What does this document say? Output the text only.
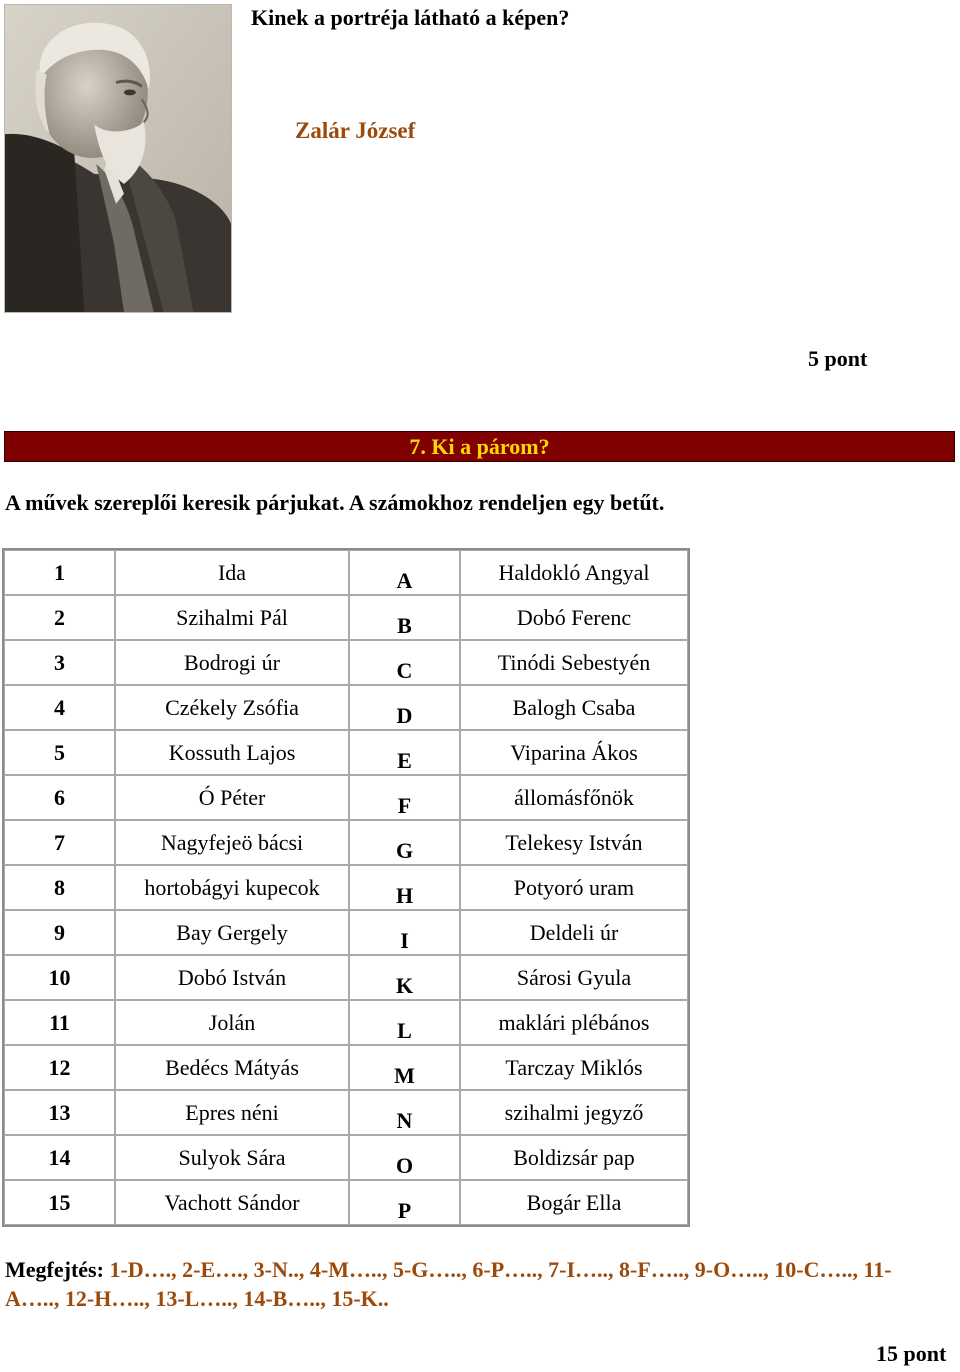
Kinek a portréja látható a képen?
Zalár József
5 pont
7. Ki a párom?
A művek szereplői keresik párjukat. A számokhoz rendeljen egy betűt.
1	Ida	A	Haldokló Angyal
2	Szihalmi Pál	B	Dobó Ferenc
3	Bodrogi úr	C	Tinódi Sebestyén
4	Czékely Zsófia	D	Balogh Csaba
5	Kossuth Lajos	E	Viparina Ákos
6	Ó Péter	F	állomásfőnök
7	Nagyfejeö bácsi	G	Telekesy István
8	hortobágyi kupecok	H	Potyoró uram
9	Bay Gergely	I	Deldeli úr
10	Dobó István	K	Sárosi Gyula
11	Jolán	L	maklári plébános
12	Bedécs Mátyás	M	Tarczay Miklós
13	Epres néni	N	szihalmi jegyző
14	Sulyok Sára	O	Boldizsár pap
15	Vachott Sándor	P	Bogár Ella
Megfejtés: 1-D…., 2-E…., 3-N.., 4-M….., 5-G….., 6-P….., 7-I….., 8-F….., 9-O….., 10-C….., 11- A….., 12-H….., 13-L….., 14-B….., 15-K..
15 pont
